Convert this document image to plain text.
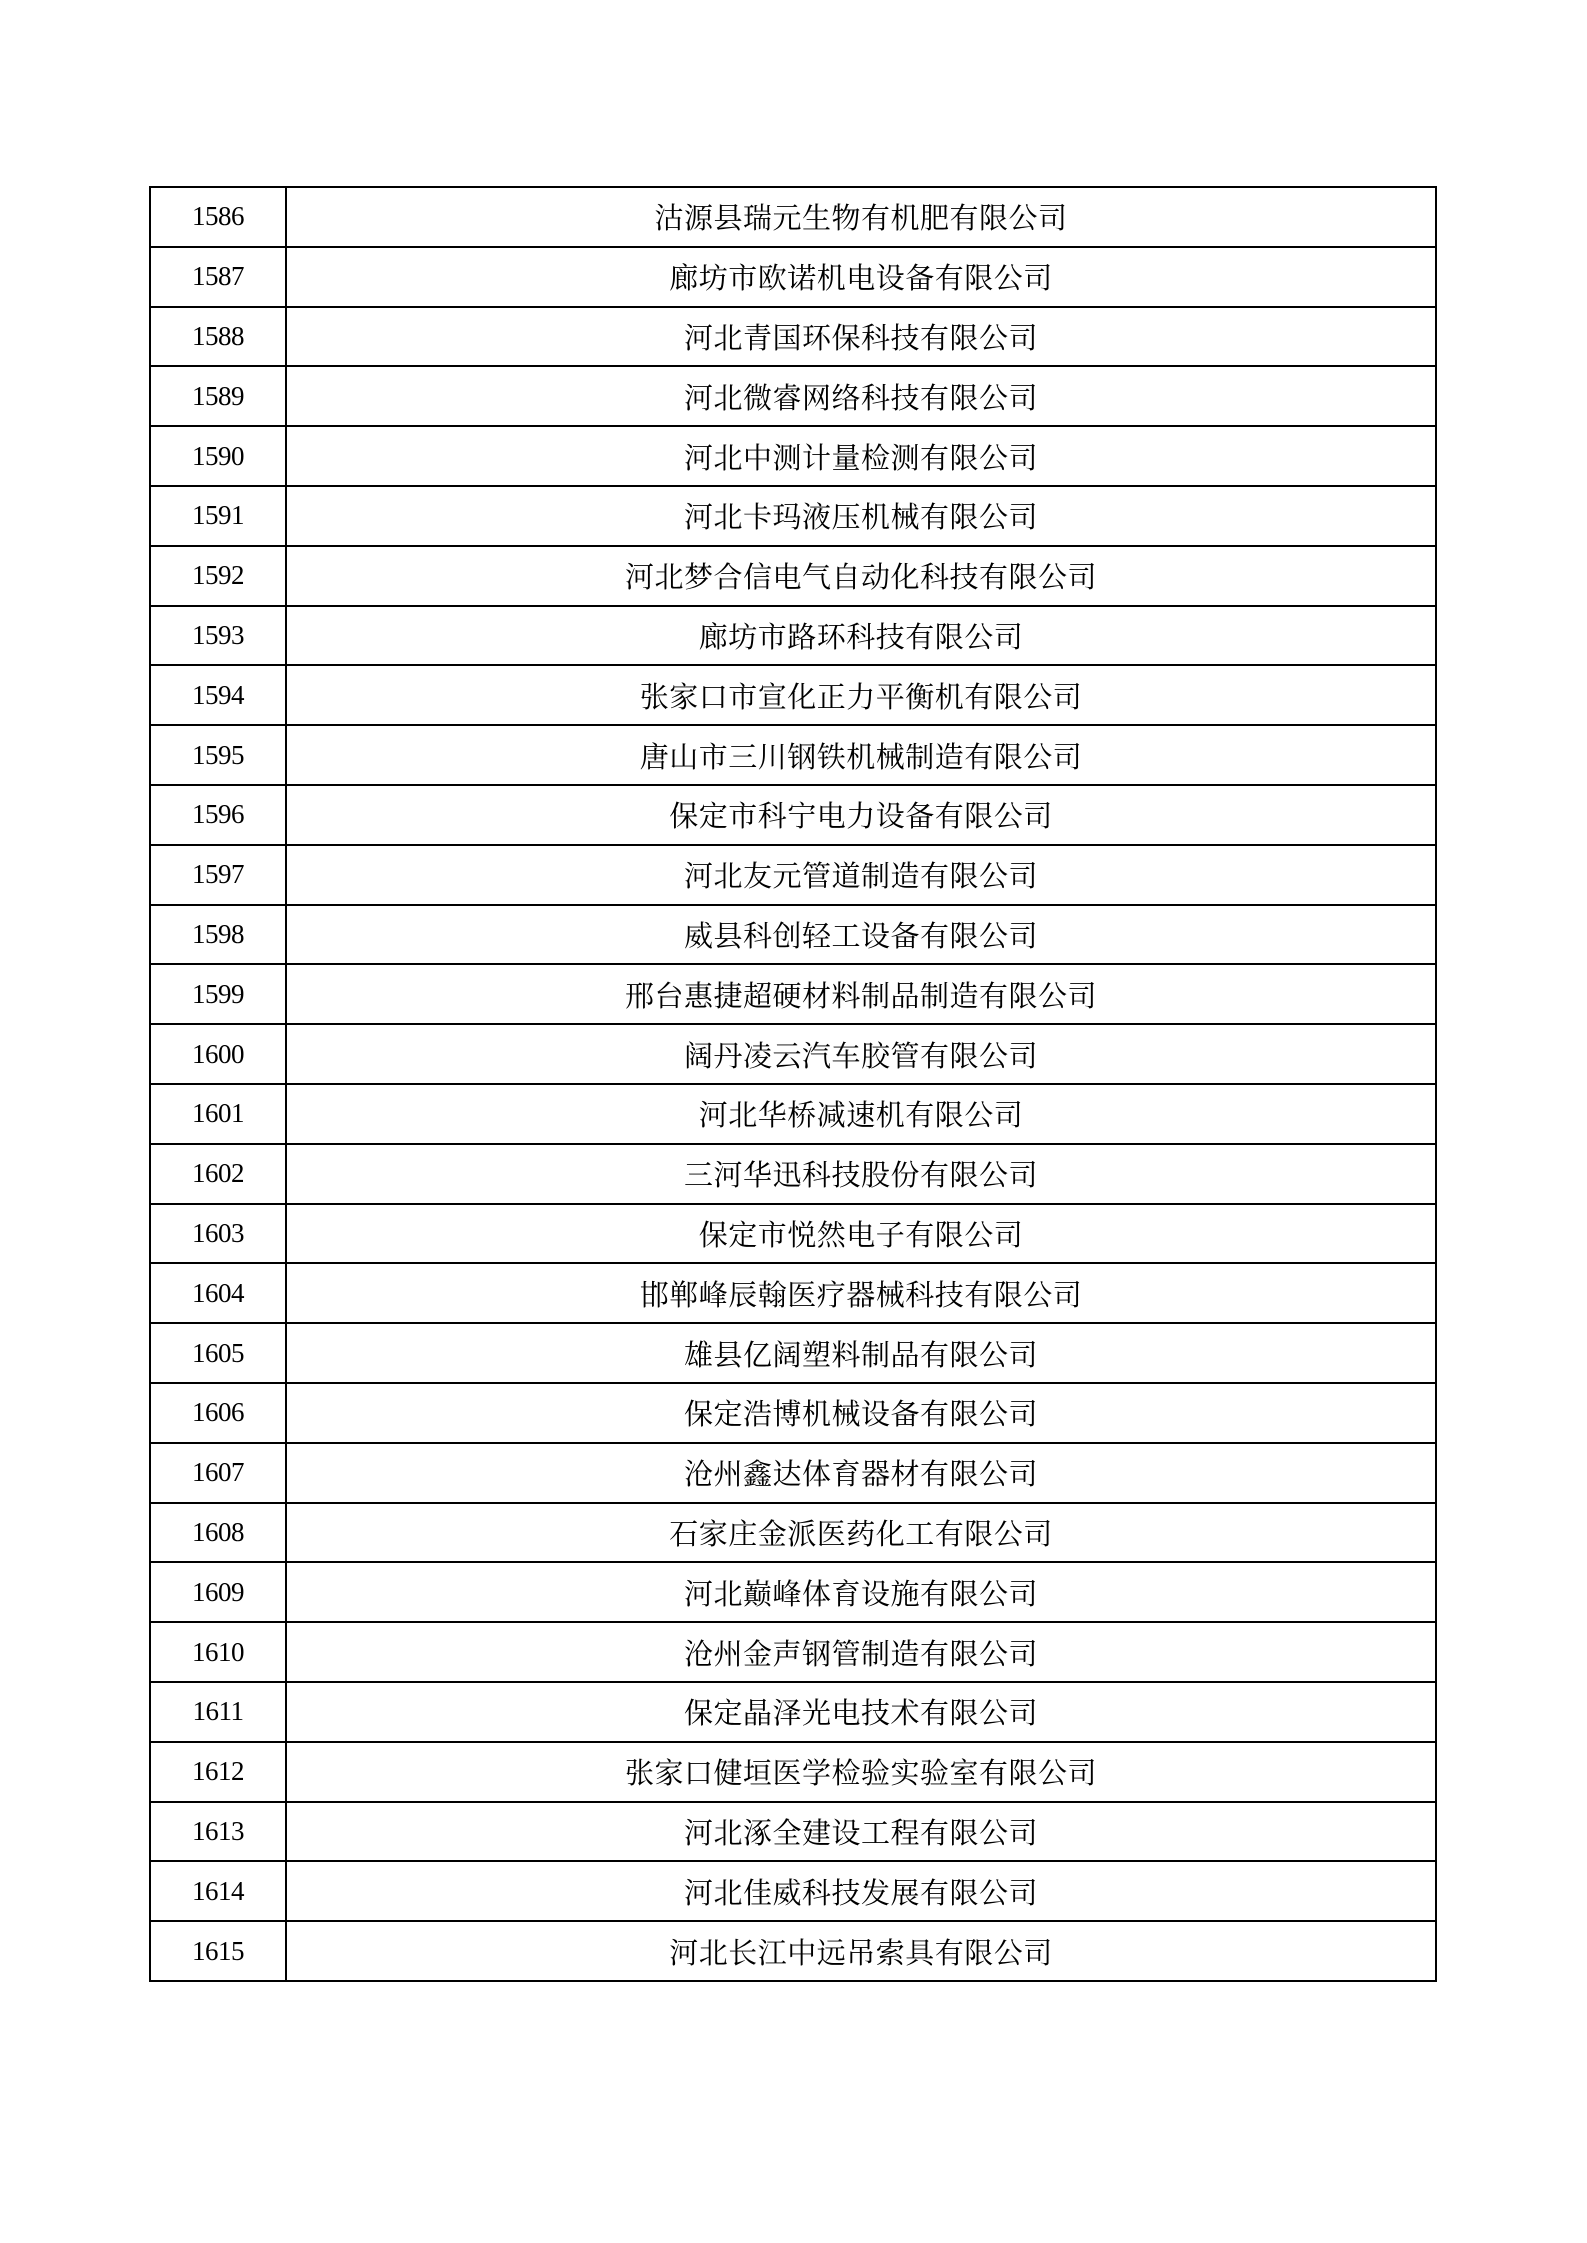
1586	沽源县瑞元生物有机肥有限公司
1587	廊坊市欧诺机电设备有限公司
1588	河北青国环保科技有限公司
1589	河北微睿网络科技有限公司
1590	河北中测计量检测有限公司
1591	河北卡玛液压机械有限公司
1592	河北梦合信电气自动化科技有限公司
1593	廊坊市路环科技有限公司
1594	张家口市宣化正力平衡机有限公司
1595	唐山市三川钢铁机械制造有限公司
1596	保定市科宁电力设备有限公司
1597	河北友元管道制造有限公司
1598	威县科创轻工设备有限公司
1599	邢台惠捷超硬材料制品制造有限公司
1600	阔丹凌云汽车胶管有限公司
1601	河北华桥减速机有限公司
1602	三河华迅科技股份有限公司
1603	保定市悦然电子有限公司
1604	邯郸峰辰翰医疗器械科技有限公司
1605	雄县亿阔塑料制品有限公司
1606	保定浩博机械设备有限公司
1607	沧州鑫达体育器材有限公司
1608	石家庄金派医药化工有限公司
1609	河北巅峰体育设施有限公司
1610	沧州金声钢管制造有限公司
1611	保定晶泽光电技术有限公司
1612	张家口健垣医学检验实验室有限公司
1613	河北涿全建设工程有限公司
1614	河北佳威科技发展有限公司
1615	河北长江中远吊索具有限公司
